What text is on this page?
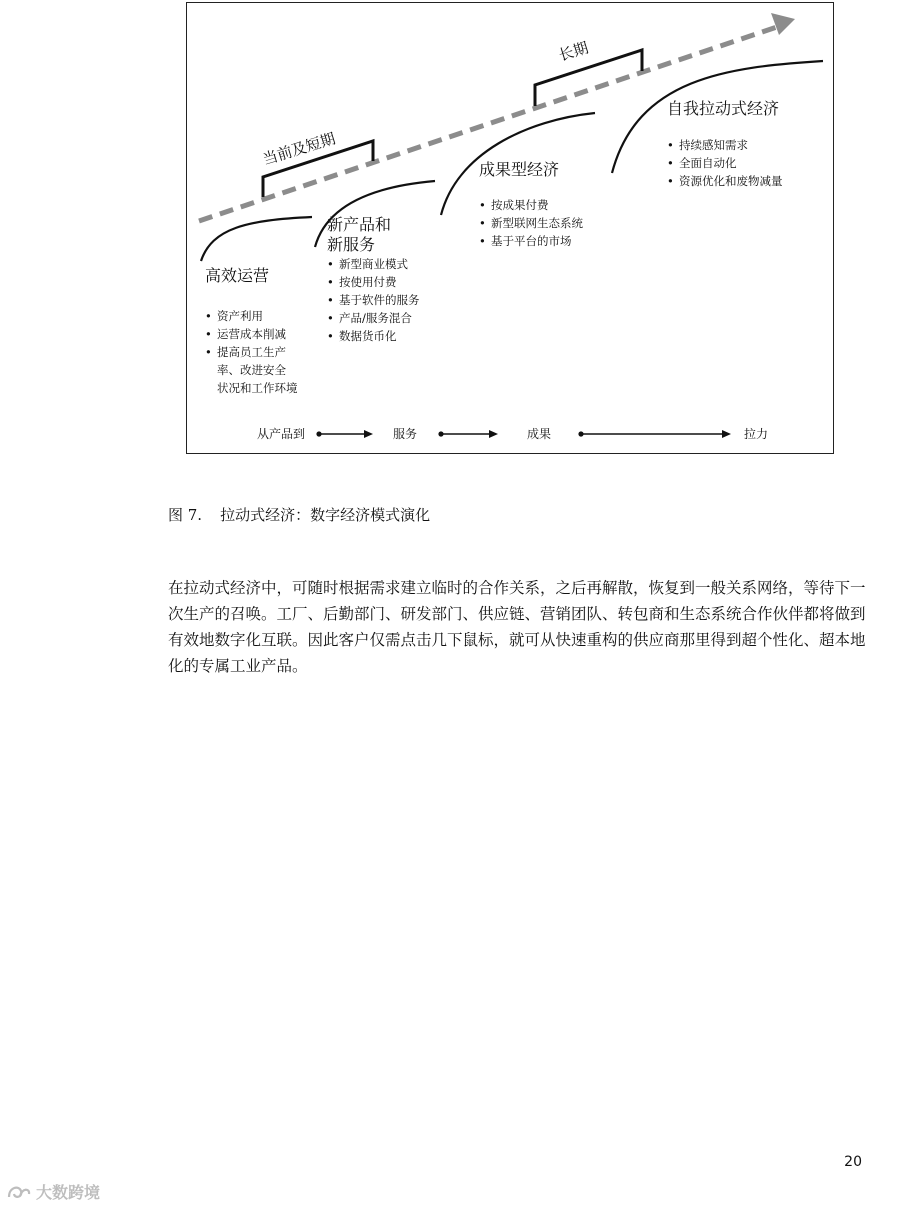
当前及短期
长期
高效运营
• 资产利用
• 运营成本削减
• 提高员工生产
率、改进安全
状况和工作环境
新产品和
新服务
• 新型商业模式
• 按使用付费
• 基于软件的服务
• 产品/服务混合
• 数据货币化
成果型经济
• 按成果付费
• 新型联网生态系统
• 基于平台的市场
自我拉动式经济
• 持续感知需求
• 全面自动化
• 资源优化和废物减量
从产品到	服务	成果	拉力
图 7. 拉动式经济：数字经济模式演化

在拉动式经济中，可随时根据需求建立临时的合作关系，之后再解散，恢复到一般关系网络，等待下一次生产的召唤。工厂、后勤部门、研发部门、供应链、营销团队、转包商和生态系统合作伙伴都将做到有效地数字化互联。因此客户仅需点击几下鼠标，就可从快速重构的供应商那里得到超个性化、超本地化的专属工业产品。

20
大数跨境
